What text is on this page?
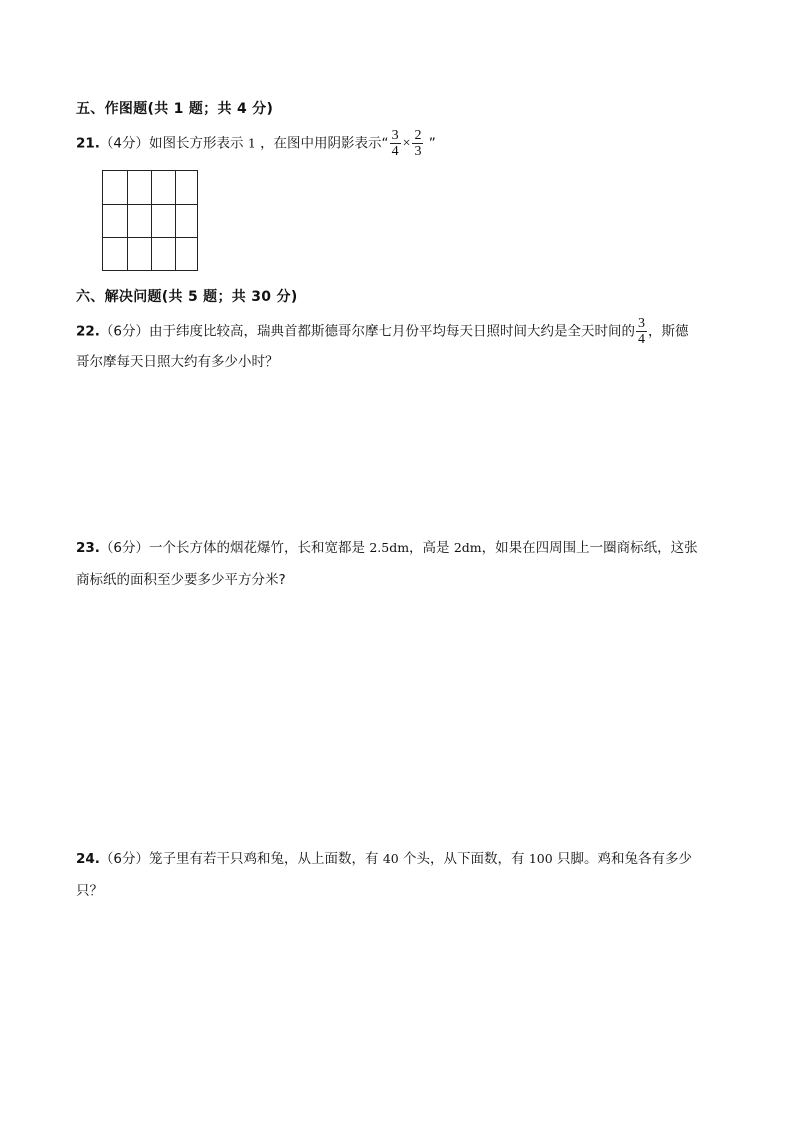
五、作图题(共 1 题；共 4 分)
21.（4分）如图长方形表示 1 ，在图中用阴影表示“ $\frac{3}{4} \times \frac{2}{3}$ ”
六、解决问题(共 5 题；共 30 分)
22.（6分）由于纬度比较高，瑞典首都斯德哥尔摩七月份平均每天日照时间大约是全天时间的 $\frac{3}{4}$ ，斯德
哥尔摩每天日照大约有多少小时？
23.（6分）一个长方体的烟花爆竹，长和宽都是 2.5dm，高是 2dm，如果在四周围上一圈商标纸，这张
商标纸的面积至少要多少平方分米?
24.（6分）笼子里有若干只鸡和兔，从上面数，有 40 个头，从下面数，有 100 只脚。鸡和兔各有多少
只？
